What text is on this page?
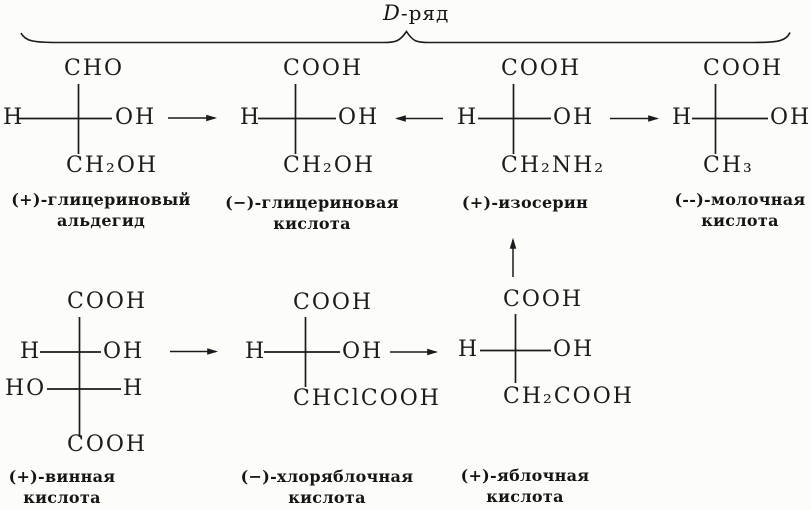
D-ряд
CHO
H	OH
CH₂OH
(+)-глицериновый
альдегид
COOH
H	OH
CH₂OH
(−)-глицериновая
кислота
COOH
H	OH
CH₂NH₂
(+)-изосерин
COOH
H	OH
CH₃
(--)-молочная
кислота
COOH
H	OH
HO	H
COOH
(+)-винная
кислота
COOH
H	OH
CHClCOOH
(−)-хлоряблочная
кислота
COOH
H	OH
CH₂COOH
(+)-яблочная
кислота
